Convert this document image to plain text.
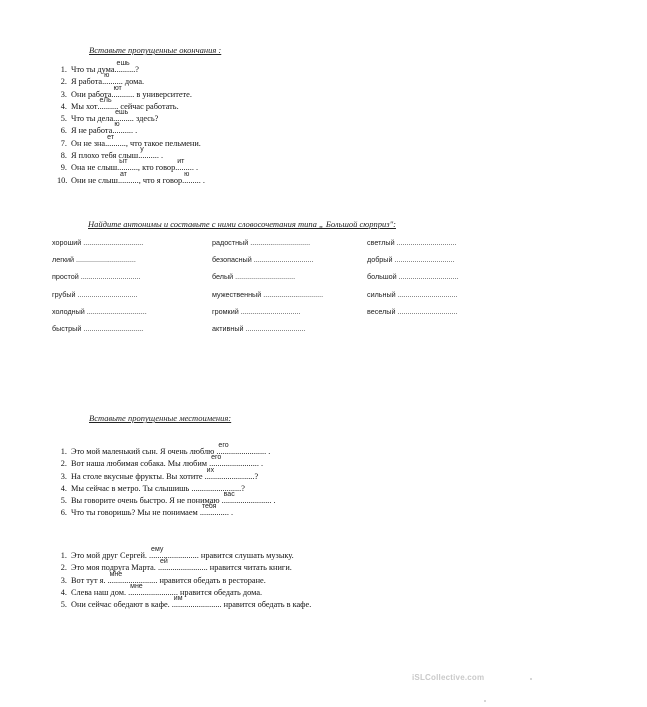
Вставьте пропущенные окончания :
1. Что ты дума..........
ешь
?
2. Я работа..........
ю
дома.
3. Они работа...........
ют
в университете.
4. Мы хот..........
еЛь
сейчас работать.
5. Что ты дела..........
ешь
здесь?
6. Я не работа..........
ю
.
7. Он не зна..........
ет
, что такое пельмени.
8. Я плохо тебя слыш..........
у
.
9. Она не слыш..........
ыт
, кто говор.........
ит
.
10. Они не слыш..........
ат
, что я говор.........
ю
.
Найдите антонимы и составьте с ними словосочетания типа „ Большой сюрприз":
хороший ..............................
легкий ..............................
простой ..............................
грубый ..............................
холодный ..............................
быстрый ..............................
радостный ..............................
безопасный ..............................
белый ..............................
мужественный ..............................
громкий ..............................
активный ..............................
светлый ..............................
добрый ..............................
большой ..............................
сильный ..............................
веселый ..............................
Вставьте пропущенные местоимения:
1. Это мой маленький сын. Я очень люблю ........................
его
.
2. Вот наша любимая собака. Мы любим ........................
его
.
3. На столе вкусные фрукты. Вы хотите ........................
их
?
4. Мы сейчас в метро. Ты слышишь ........................
?
5. Вы говорите очень быстро. Я не понимаю ........................
вас
.
6. Что ты говоришь? Мы не понимаем ..............
тебя
.
1. Это мой друг Сергей. ........................
ему
нравится слушать музыку.
2. Это моя подруга Марта. ........................
ей
нравится читать книги.
3. Вот тут я. ........................
мне
нравится обедать в ресторане.
4. Слева наш дом. ........................
мне
нравится обедать дома.
5. Они сейчас обедают в кафе. ........................
им
нравится обедать в кафе.
iSLCollective.com
